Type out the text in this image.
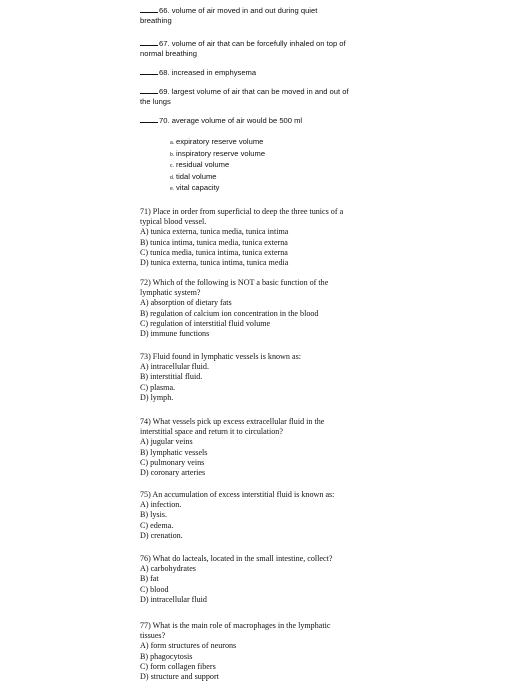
66. volume of air moved in and out during quiet
breathing
67. volume of air that can be forcefully inhaled on top of
normal breathing
68. increased in emphysema
69. largest volume of air that can be moved in and out of
the lungs
70. average volume of air would be 500 ml
a. expiratory reserve volume
b. inspiratory reserve volume
c. residual volume
d. tidal volume
e. vital capacity
71) Place in order from superficial to deep the three tunics of a
typical blood vessel.
A) tunica externa, tunica media, tunica intima
B) tunica intima, tunica media, tunica externa
C) tunica media, tunica intima, tunica externa
D) tunica externa, tunica intima, tunica media
72) Which of the following is NOT a basic function of the
lymphatic system?
A) absorption of dietary fats
B) regulation of calcium ion concentration in the blood
C) regulation of interstitial fluid volume
D) immune functions
73) Fluid found in lymphatic vessels is known as:
A) intracellular fluid.
B) interstitial fluid.
C) plasma.
D) lymph.
74) What vessels pick up excess extracellular fluid in the
interstitial space and return it to circulation?
A) jugular veins
B) lymphatic vessels
C) pulmonary veins
D) coronary arteries
75) An accumulation of excess interstitial fluid is known as:
A) infection.
B) lysis.
C) edema.
D) crenation.
76) What do lacteals, located in the small intestine, collect?
A) carbohydrates
B) fat
C) blood
D) intracellular fluid
77) What is the main role of macrophages in the lymphatic
tissues?
A) form structures of neurons
B) phagocytosis
C) form collagen fibers
D) structure and support
